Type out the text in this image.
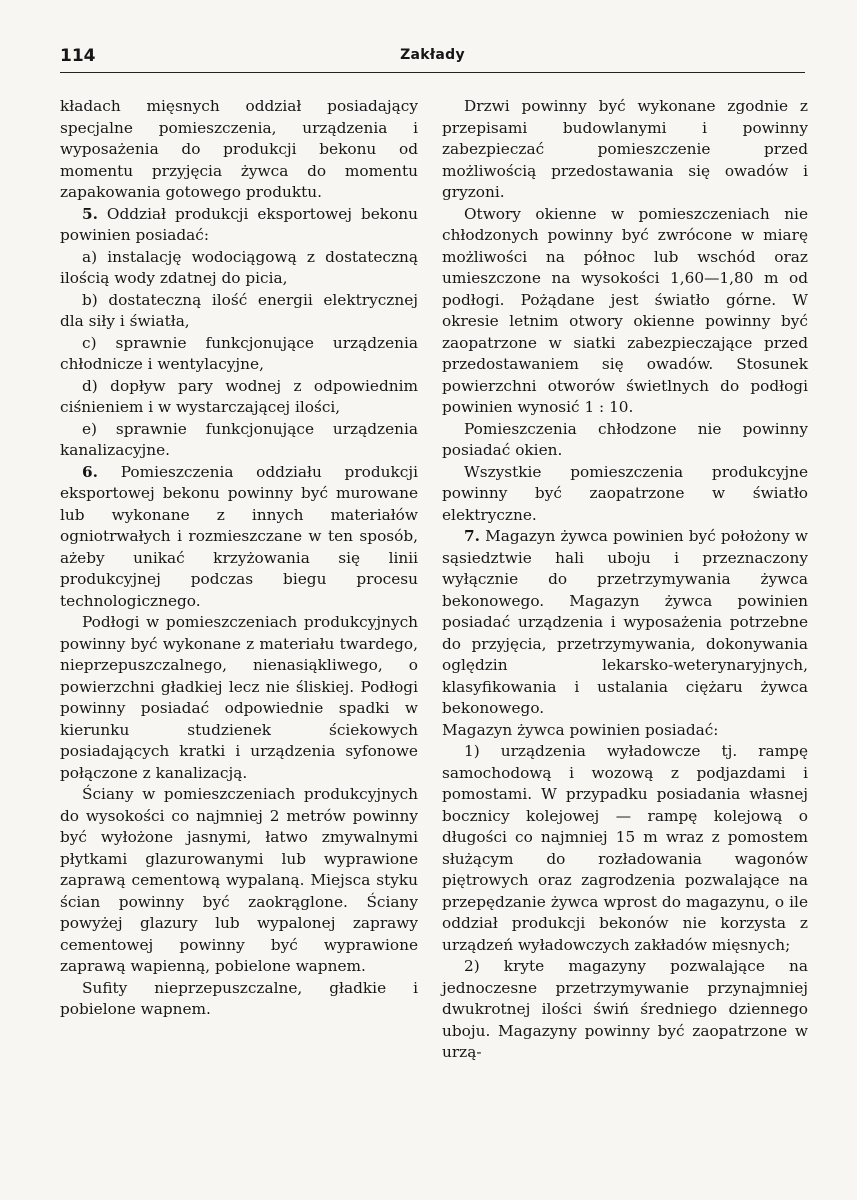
114	Zakłady

kładach mięsnych oddział posiadający specjalne pomieszczenia, urządzenia i wyposażenia do produkcji bekonu od momentu przyjęcia żywca do momentu zapakowania gotowego produktu.

5. Oddział produkcji eksportowej bekonu powinien posiadać:

a) instalację wodociągową z dostateczną ilością wody zdatnej do picia,

b) dostateczną ilość energii elektrycznej dla siły i światła,

c) sprawnie funkcjonujące urządzenia chłodnicze i wentylacyjne,

d) dopływ pary wodnej z odpowiednim ciśnieniem i w wystarczającej ilości,

e) sprawnie funkcjonujące urządzenia kanalizacyjne.

6. Pomieszczenia oddziału produkcji eksportowej bekonu powinny być murowane lub wykonane z innych materiałów ogniotrwałych i rozmieszczane w ten sposób, ażeby unikać krzyżowania się linii produkcyjnej podczas biegu procesu technologicznego.

Podłogi w pomieszczeniach produkcyjnych powinny być wykonane z materiału twardego, nieprzepuszczalnego, nienasiąkliwego, o powierzchni gładkiej lecz nie śliskiej. Podłogi powinny posiadać odpowiednie spadki w kierunku studzienek ściekowych posiadających kratki i urządzenia syfonowe połączone z kanalizacją.

Ściany w pomieszczeniach produkcyjnych do wysokości co najmniej 2 metrów powinny być wyłożone jasnymi, łatwo zmywalnymi płytkami glazurowanymi lub wyprawione zaprawą cementową wypalaną. Miejsca styku ścian powinny być zaokrąglone. Ściany powyżej glazury lub wypalonej zaprawy cementowej powinny być wyprawione zaprawą wapienną, pobielone wapnem.

Sufity nieprzepuszczalne, gładkie i pobielone wapnem.

Drzwi powinny być wykonane zgodnie z przepisami budowlanymi i powinny zabezpieczać pomieszczenie przed możliwością przedostawania się owadów i gryzoni.

Otwory okienne w pomieszczeniach nie chłodzonych powinny być zwrócone w miarę możliwości na północ lub wschód oraz umieszczone na wysokości 1,60—1,80 m od podłogi. Pożądane jest światło górne. W okresie letnim otwory okienne powinny być zaopatrzone w siatki zabezpieczające przed przedostawaniem się owadów. Stosunek powierzchni otworów świetlnych do podłogi powinien wynosić 1 : 10.

Pomieszczenia chłodzone nie powinny posiadać okien.

Wszystkie pomieszczenia produkcyjne powinny być zaopatrzone w światło elektryczne.

7. Magazyn żywca powinien być położony w sąsiedztwie hali uboju i przeznaczony wyłącznie do przetrzymywania żywca bekonowego. Magazyn żywca powinien posiadać urządzenia i wyposażenia potrzebne do przyjęcia, przetrzymywania, dokonywania oględzin lekarsko-weterynaryjnych, klasyfikowania i ustalania ciężaru żywca bekonowego.

Magazyn żywca powinien posiadać:

1) urządzenia wyładowcze tj. rampę samochodową i wozową z podjazdami i pomostami. W przypadku posiadania własnej bocznicy kolejowej — rampę kolejową o długości co najmniej 15 m wraz z pomostem służącym do rozładowania wagonów piętrowych oraz zagrodzenia pozwalające na przepędzanie żywca wprost do magazynu, o ile oddział produkcji bekonów nie korzysta z urządzeń wyładowczych zakładów mięsnych;

2) kryte magazyny pozwalające na jednoczesne przetrzymywanie przynajmniej dwukrotnej ilości świń średniego dziennego uboju. Magazyny powinny być zaopatrzone w urzą-
